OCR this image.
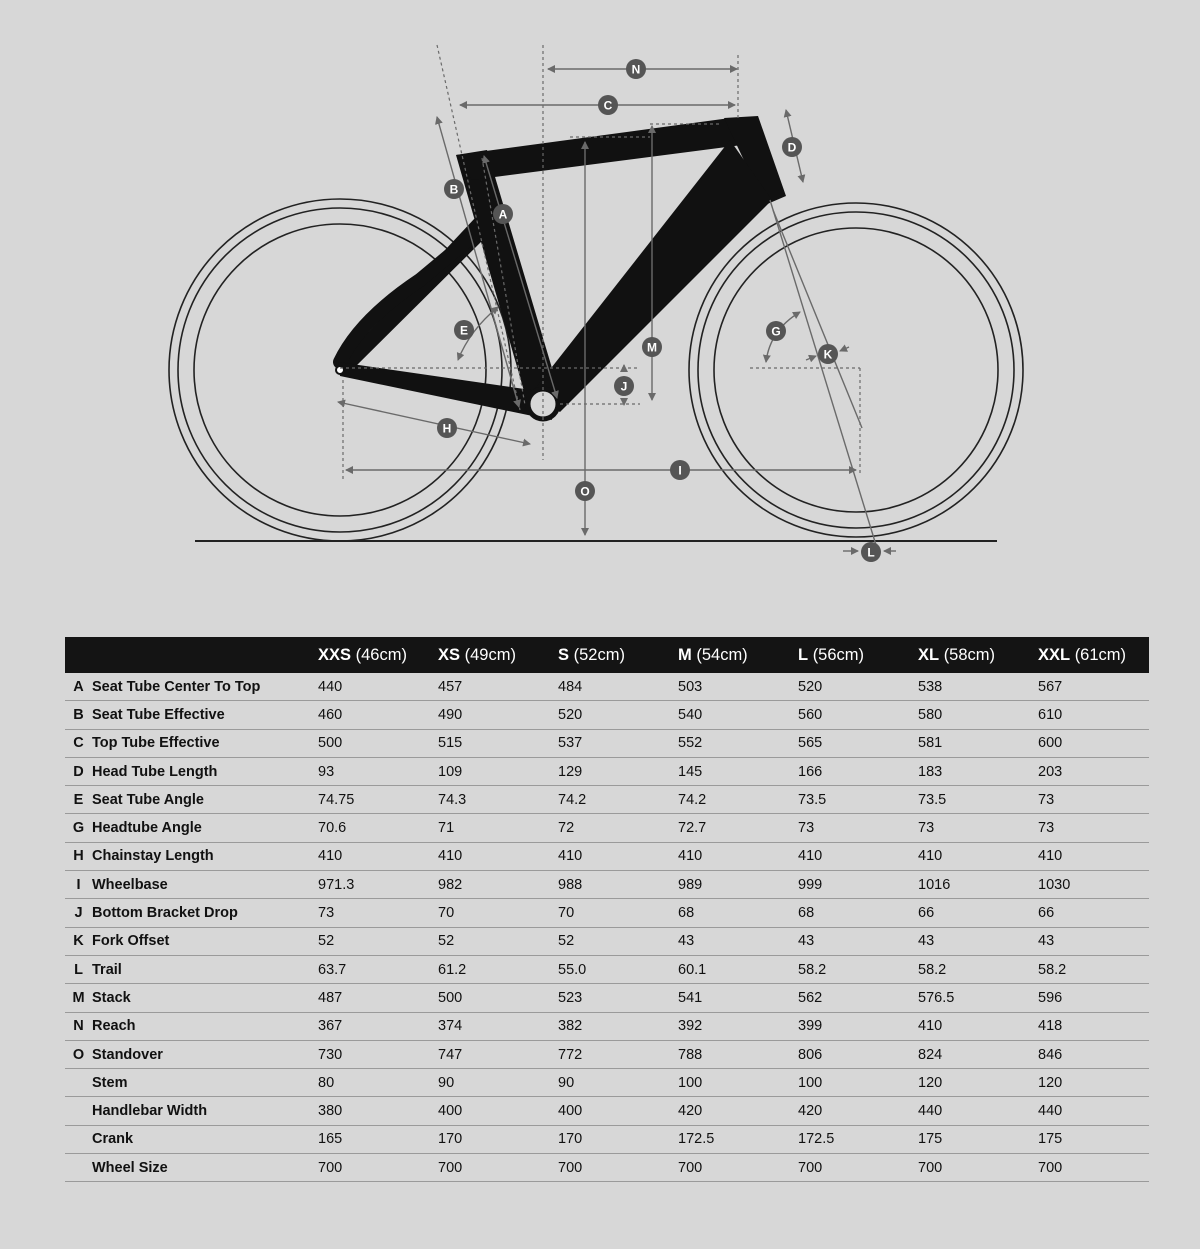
N
C
D
B
A
E
M
J
G
K
H
I
O
L
		XXS (46cm)	XS (49cm)	S (52cm)	M (54cm)	L (56cm)	XL (58cm)	XXL (61cm)
A	Seat Tube Center To Top	440	457	484	503	520	538	567
B	Seat Tube Effective	460	490	520	540	560	580	610
C	Top Tube Effective	500	515	537	552	565	581	600
D	Head Tube Length	93	109	129	145	166	183	203
E	Seat Tube Angle	74.75	74.3	74.2	74.2	73.5	73.5	73
G	Headtube Angle	70.6	71	72	72.7	73	73	73
H	Chainstay Length	410	410	410	410	410	410	410
I	Wheelbase	971.3	982	988	989	999	1016	1030
J	Bottom Bracket Drop	73	70	70	68	68	66	66
K	Fork Offset	52	52	52	43	43	43	43
L	Trail	63.7	61.2	55.0	60.1	58.2	58.2	58.2
M	Stack	487	500	523	541	562	576.5	596
N	Reach	367	374	382	392	399	410	418
O	Standover	730	747	772	788	806	824	846
	Stem	80	90	90	100	100	120	120
	Handlebar Width	380	400	400	420	420	440	440
	Crank	165	170	170	172.5	172.5	175	175
	Wheel Size	700	700	700	700	700	700	700
